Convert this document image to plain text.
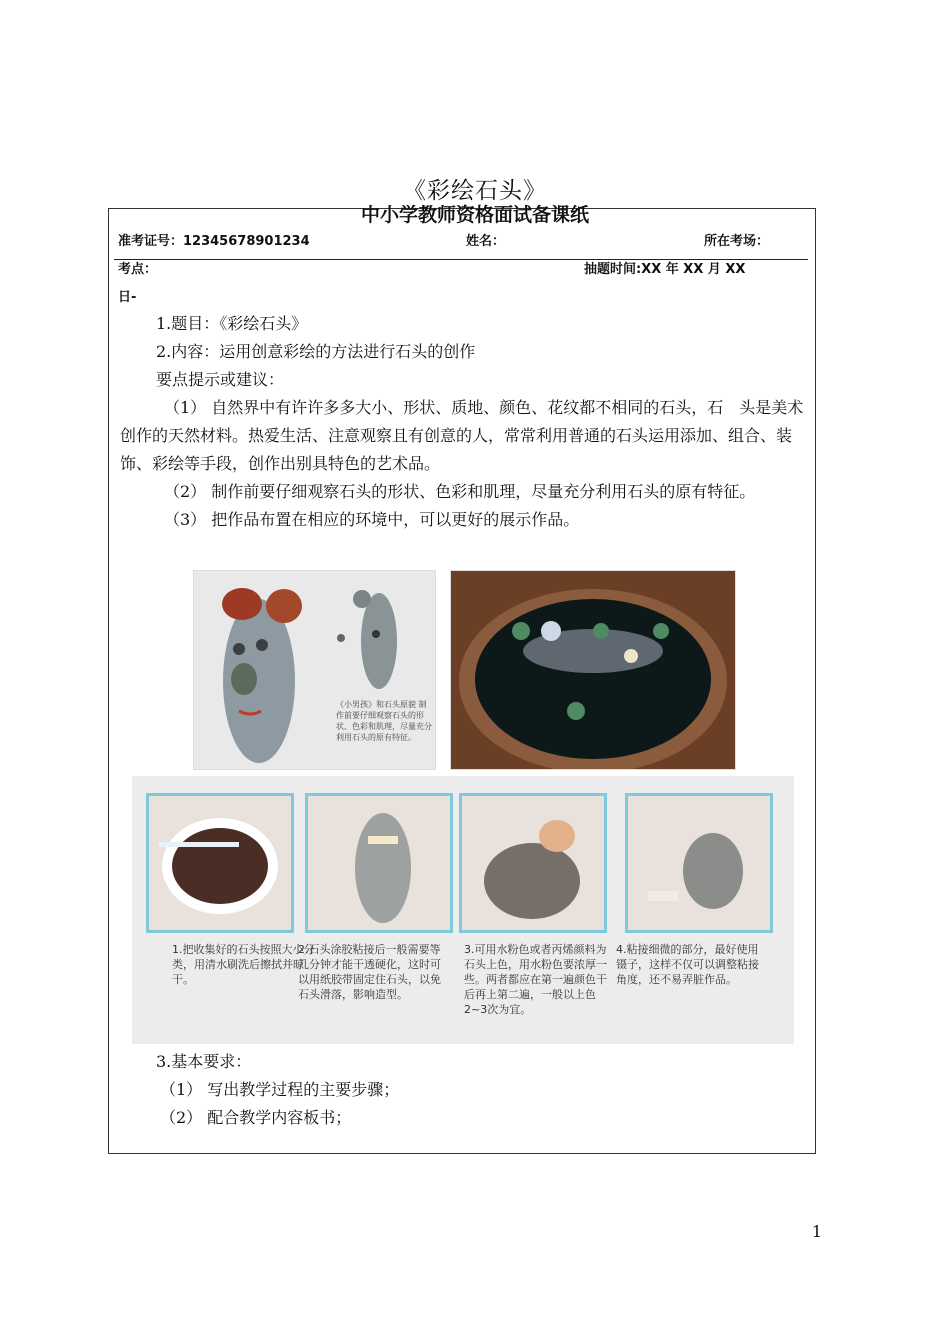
《彩绘石头》
中小学教师资格面试备课纸
准考证号：12345678901234	姓名：	所在考场：
考点：	抽题时间:XX 年 XX 月 XX
日-

1.题目：《彩绘石头》

2.内容：运用创意彩绘的方法进行石头的创作

要点提示或建议：

（1） 自然界中有许许多多大小、形状、质地、颜色、花纹都不相同的石头，石　头是美术创作的天然材料。热爱生活、注意观察且有创意的人，常常利用普通的石头运用添加、组合、装饰、彩绘等手段，创作出别具特色的艺术品。

（2） 制作前要仔细观察石头的形状、色彩和肌理，尽量充分利用石头的原有特征。

（3） 把作品布置在相应的环境中，可以更好的展示作品。

《小男孩》和石头原貌 制作前要仔细观察石头的形状、色彩和肌理，尽量充分利用石头的原有特征。
1.把收集好的石头按照大小分类，用清水刷洗后擦拭并晾干。
2.石头涂胶粘接后一般需要等几分钟才能干透硬化，这时可以用纸胶带固定住石头，以免石头滑落，影响造型。
3.可用水粉色或者丙烯颜料为石头上色，用水粉色要浓厚一些。两者都应在第一遍颜色干后再上第二遍，一般以上色2~3次为宜。
4.粘接细微的部分，最好使用镊子，这样不仅可以调整粘接角度，还不易弄脏作品。

3.基本要求：

（1） 写出教学过程的主要步骤；

（2） 配合教学内容板书；

1
